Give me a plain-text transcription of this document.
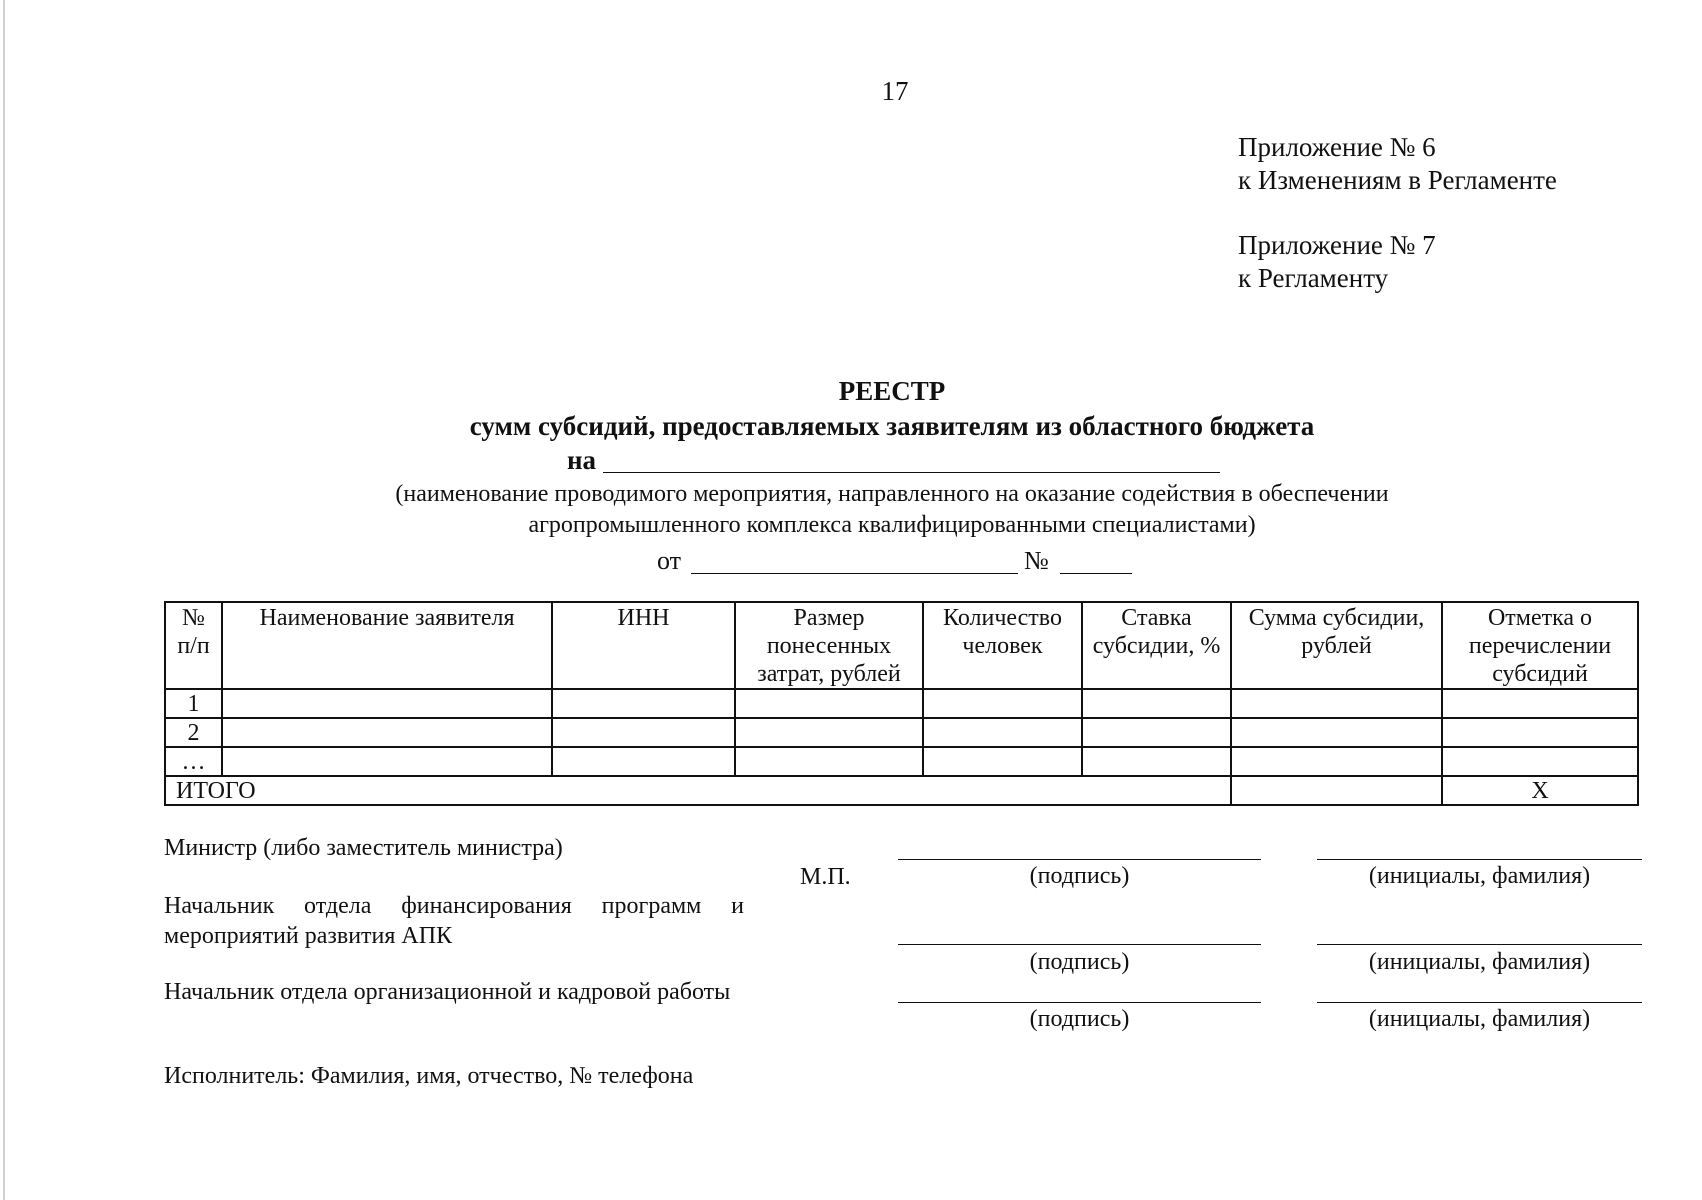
17
Приложение № 6
к Изменениям в Регламенте
Приложение № 7
к Регламенту
РЕЕСТР
сумм субсидий, предоставляемых заявителям из областного бюджета
на
(наименование проводимого мероприятия, направленного на оказание содействия в обеспечении
агропромышленного комплекса квалифицированными специалистами)
от	№
№ п/п	Наименование заявителя	ИНН	Размер понесенных затрат, рублей	Количество человек	Ставка субсидии, %	Сумма субсидии, рублей	Отметка о перечислении субсидий
1							
2							
…							
ИТОГО							X
Министр (либо заместитель министра)
М.П.	(подпись)	(инициалы, фамилия)
Начальник отдела финансирования программ и мероприятий развития АПК
(подпись)	(инициалы, фамилия)
Начальник отдела организационной и кадровой работы
(подпись)	(инициалы, фамилия)
Исполнитель: Фамилия, имя, отчество, № телефона
